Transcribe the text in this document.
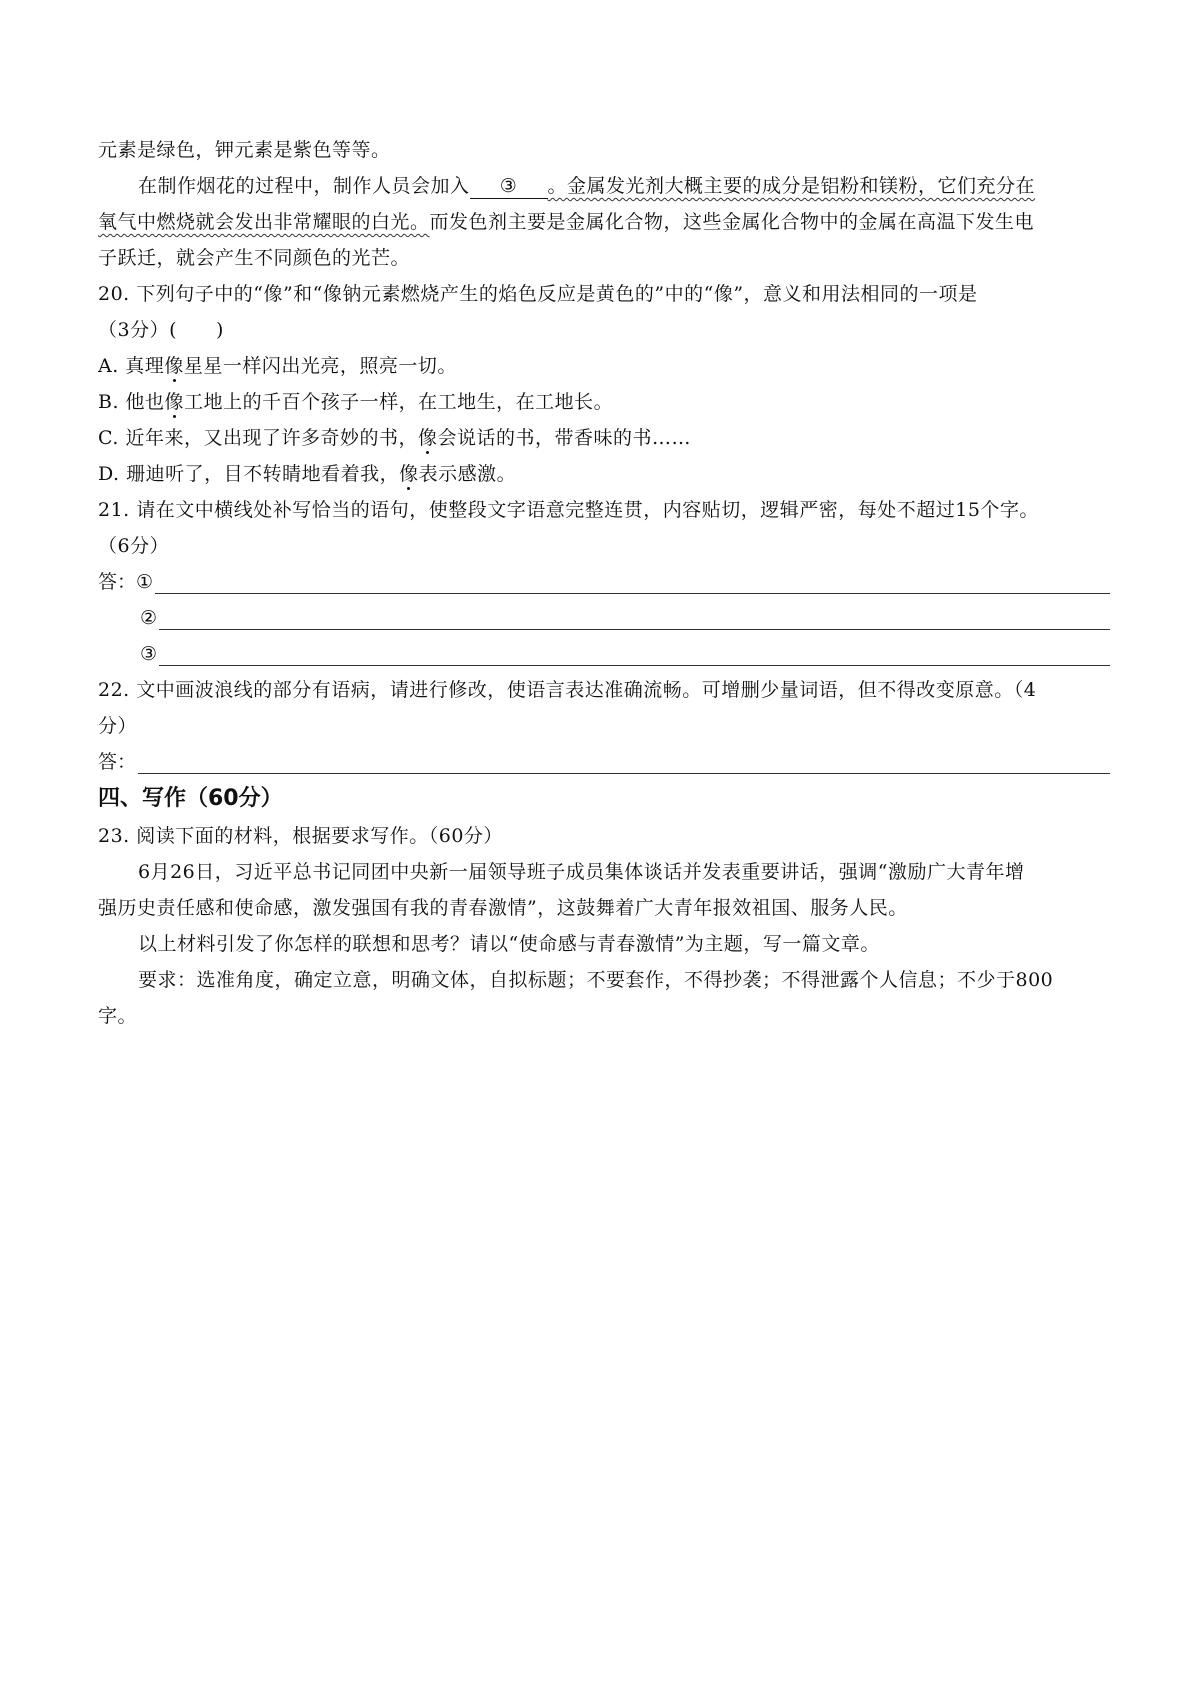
元素是绿色，钾元素是紫色等等。
在制作烟花的过程中，制作人员会加入 ③ 。金属发光剂大概主要的成分是铝粉和镁粉，它们充分在
氧气中燃烧就会发出非常耀眼的白光。而发色剂主要是金属化合物，这些金属化合物中的金属在高温下发生电
子跃迁，就会产生不同颜色的光芒。
20. 下列句子中的“像”和“像钠元素燃烧产生的焰色反应是黄色的”中的“像”，意义和用法相同的一项是
（3分）(　　)
A. 真理像星星一样闪出光亮，照亮一切。
B. 他也像工地上的千百个孩子一样，在工地生，在工地长。
C. 近年来，又出现了许多奇妙的书，像会说话的书，带香味的书……
D. 珊迪听了，目不转睛地看着我，像表示感激。
21. 请在文中横线处补写恰当的语句，使整段文字语意完整连贯，内容贴切，逻辑严密，每处不超过15个字。
（6分）
答： ①
②
③
22. 文中画波浪线的部分有语病，请进行修改，使语言表达准确流畅。可增删少量词语，但不得改变原意。（4
分）
答：
四、写作（60分）
23. 阅读下面的材料，根据要求写作。（60分）
6月26日，习近平总书记同团中央新一届领导班子成员集体谈话并发表重要讲话，强调“激励广大青年增
强历史责任感和使命感，激发强国有我的青春激情”，这鼓舞着广大青年报效祖国、服务人民。
以上材料引发了你怎样的联想和思考？请以“使命感与青春激情”为主题，写一篇文章。
要求：选准角度，确定立意，明确文体，自拟标题；不要套作，不得抄袭；不得泄露个人信息；不少于800
字。
